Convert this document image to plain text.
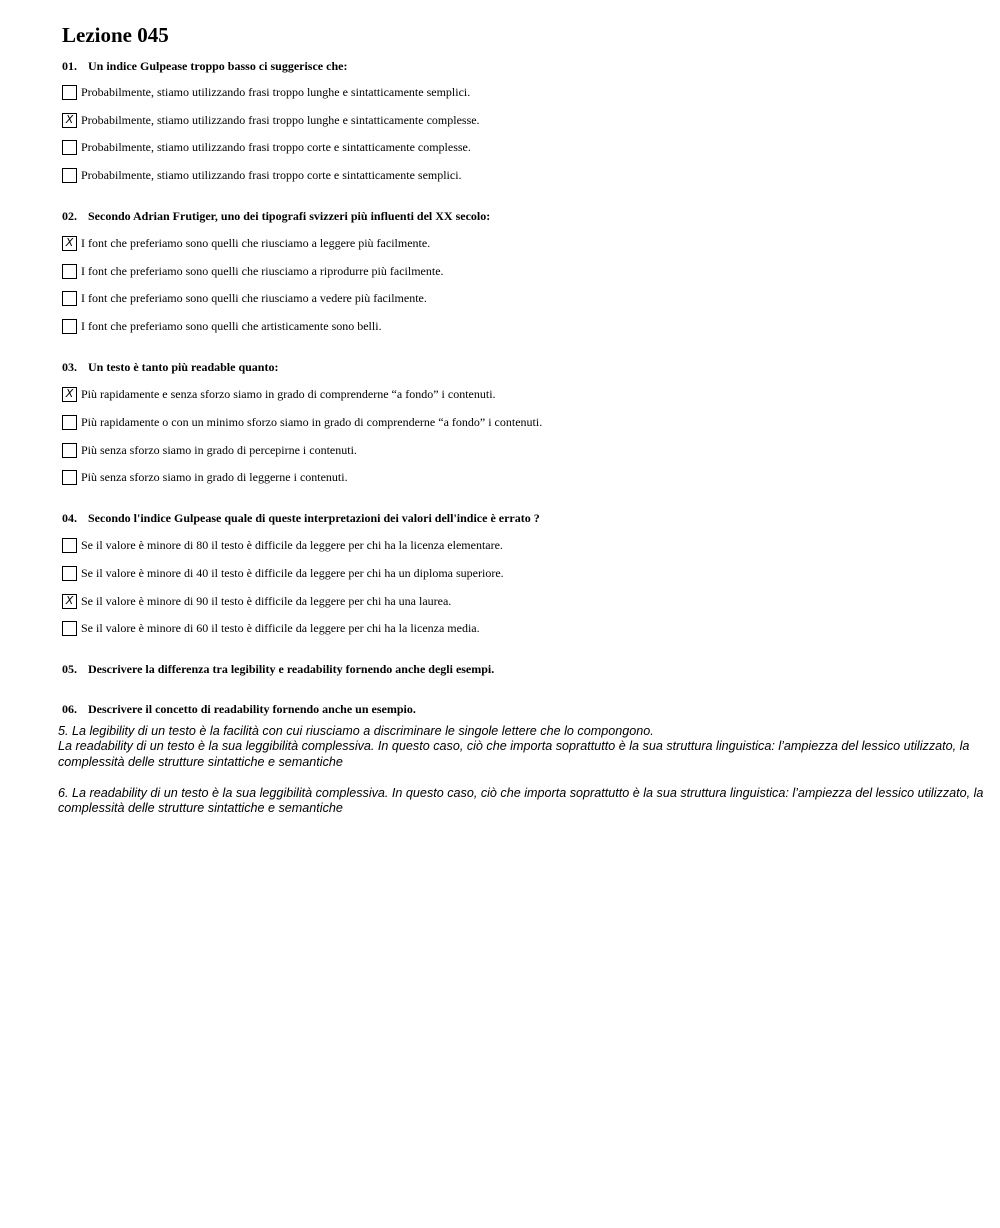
Lezione 045
01. Un indice Gulpease troppo basso ci suggerisce che:
Probabilmente, stiamo utilizzando frasi troppo lunghe e sintatticamente semplici.
X Probabilmente, stiamo utilizzando frasi troppo lunghe e sintatticamente complesse.
Probabilmente, stiamo utilizzando frasi troppo corte e sintatticamente complesse.
Probabilmente, stiamo utilizzando frasi troppo corte e sintatticamente semplici.
02. Secondo Adrian Frutiger, uno dei tipografi svizzeri più influenti del XX secolo:
X I font che preferiamo sono quelli che riusciamo a leggere più facilmente.
I font che preferiamo sono quelli che riusciamo a riprodurre più facilmente.
I font che preferiamo sono quelli che riusciamo a vedere più facilmente.
I font che preferiamo sono quelli che artisticamente sono belli.
03. Un testo è tanto più readable quanto:
X Più rapidamente e senza sforzo siamo in grado di comprenderne “a fondo” i contenuti.
Più rapidamente o con un minimo sforzo siamo in grado di comprenderne “a fondo” i contenuti.
Più senza sforzo siamo in grado di percepirne i contenuti.
Più senza sforzo siamo in grado di leggerne i contenuti.
04. Secondo l'indice Gulpease quale di queste interpretazioni dei valori dell'indice è errato ?
Se il valore è minore di 80 il testo è difficile da leggere per chi ha la licenza elementare.
Se il valore è minore di 40 il testo è difficile da leggere per chi ha un diploma superiore.
X Se il valore è minore di 90 il testo è difficile da leggere per chi ha una laurea.
Se il valore è minore di 60 il testo è difficile da leggere per chi ha la licenza media.
05. Descrivere la differenza tra legibility e readability fornendo anche degli esempi.
06. Descrivere il concetto di readability fornendo anche un esempio.

5. La legibility di un testo è la facilità con cui riusciamo a discriminare le singole lettere che lo compongono.

La readability di un testo è la sua leggibilità complessiva. In questo caso, ciò che importa soprattutto è la sua struttura linguistica: l’ampiezza del lessico utilizzato, la complessità delle strutture sintattiche e semantiche

6. La readability di un testo è la sua leggibilità complessiva. In questo caso, ciò che importa soprattutto è la sua struttura linguistica: l’ampiezza del lessico utilizzato, la complessità delle strutture sintattiche e semantiche
